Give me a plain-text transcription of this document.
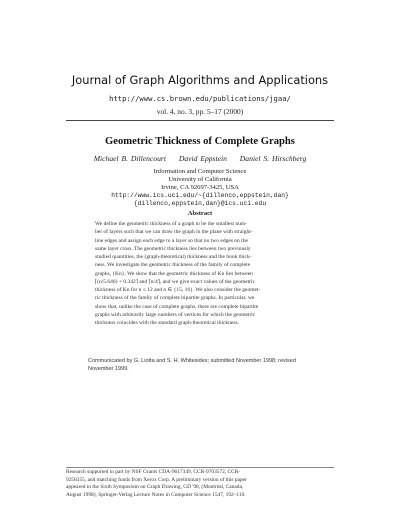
Journal of Graph Algorithms and Applications
http://www.cs.brown.edu/publications/jgaa/
vol. 4, no. 3, pp. 5–17 (2000)
Geometric Thickness of Complete Graphs
Michael B. Dillencourt David Eppstein Daniel S. Hirschberg
Information and Computer Science
University of California
Irvine, CA 92697-3425, USA
http://www.ics.uci.edu/~{dillenco,eppstein,dan}
{dillenco,eppstein,dan}@ics.uci.edu
Abstract
We define the geometric thickness of a graph to be the smallest num-
ber of layers such that we can draw the graph in the plane with straight-
line edges and assign each edge to a layer so that no two edges on the
same layer cross. The geometric thickness lies between two previously
studied quantities, the (graph-theoretical) thickness and the book thick-
ness. We investigate the geometric thickness of the family of complete
graphs, {Kn}. We show that the geometric thickness of Kn lies between
⌈(n/5.646) + 0.342⌉ and ⌈n/4⌉, and we give exact values of the geometric
thickness of Kn for n ≤ 12 and n ∈ {15, 16}. We also consider the geomet-
ric thickness of the family of complete bipartite graphs. In particular, we
show that, unlike the case of complete graphs, there are complete bipartite
graphs with arbitrarily large numbers of vertices for which the geometric
thickness coincides with the standard graph-theoretical thickness.
Communicated by G. Liotta and S. H. Whitesides; submitted November 1998; revised
November 1999.
Research supported in part by NSF Grants CDA-9617349, CCR-9703572, CCR-
9258355, and matching funds from Xerox Corp. A preliminary version of this paper
appeared in the Sixth Symposium on Graph Drawing, GD '98, (Montréal, Canada,
August 1998), Springer-Verlag Lecture Notes in Computer Science 1547, 102–110.
